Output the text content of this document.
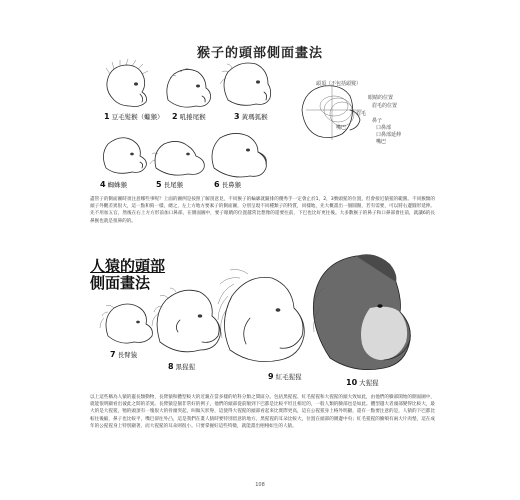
猴子的頭部側面畫法
1 豆毛髮猴（蠍猴） 2 吼捲尾猴	3 黃瑪狐猴
頭頂（不包括頭髮）
眼睛的位置
眉毛的位置
眉毛
鼻子
嘴巴	口鼻部
口鼻部延伸
嘴巴
4 蜘蛛猴	5 長尾猴	6 長鼻猴
盡管子的側面圖時須注意哪些事呢？上面的圖例是按照了解剖意見，不同猴子的輪廓就隨排的優秀手一定會止於1，2，3號頭猩的位置，但會接近猿猩的範圍。不同猴類的頭子外觀差異很大，這一點和狗一樣，總之，左上方地方要素子的側面圖，分別呈現不同種類子的特質，同樣地，先大概畫出一個圓圈，若有需要，可以將右邊圓形延伸。先不用加五官，然後在右上方方形前加口鼻部，在側面圖中，要子眼睛的位置越常比想像的還要往前，下巴也比好更往後。大多數猴子的鼻子和口鼻部會往前，就讓6的長鼻猴也就是很鼻的的。
人猿的頭部
側面畫法
7 長臂猿
8 黑猩猩
9 紅毛猩猩
10 大猩猩
以上這些稱為人猿的靈長類動物，長臂猿和體型較大的近親在當多樣的哈科分類之間區分。包括黑猩猩、紅毛猩猩和大猩猩的頭大致如此，由他們的臉部開始的側面圖中，就能很明顯看出彼此之間的差異。長臂猿是個非常好的例子，他們的頭部從前額到下巴都是比較平坦且相近的，一般人類的臉部也是如此。體型越大者頭部變得比較大，最大的是大猩猩，牠的頭頂有一塊很大的骨頭突起，叫做矢狀脊，這使得大猩猩的頭部看起來比實際更高，這在公猩猩身上格外明顯，還有一點要注意的是，人猿的下巴都比較往後縮，鼻子也比較平，嘴巴卻往外凸，這是我們在畫人猿時要特別留意的地方。黑猩猩的耳朵比較大，位置在頭部的側邊中央；紅毛猩猩的臉頰有兩大片肉墊，這在成年的公猩猩身上特別顯著，而大猩猩的耳朵則很小。只要掌握好這些特徵，就能畫出栩栩如生的人猿。
108
